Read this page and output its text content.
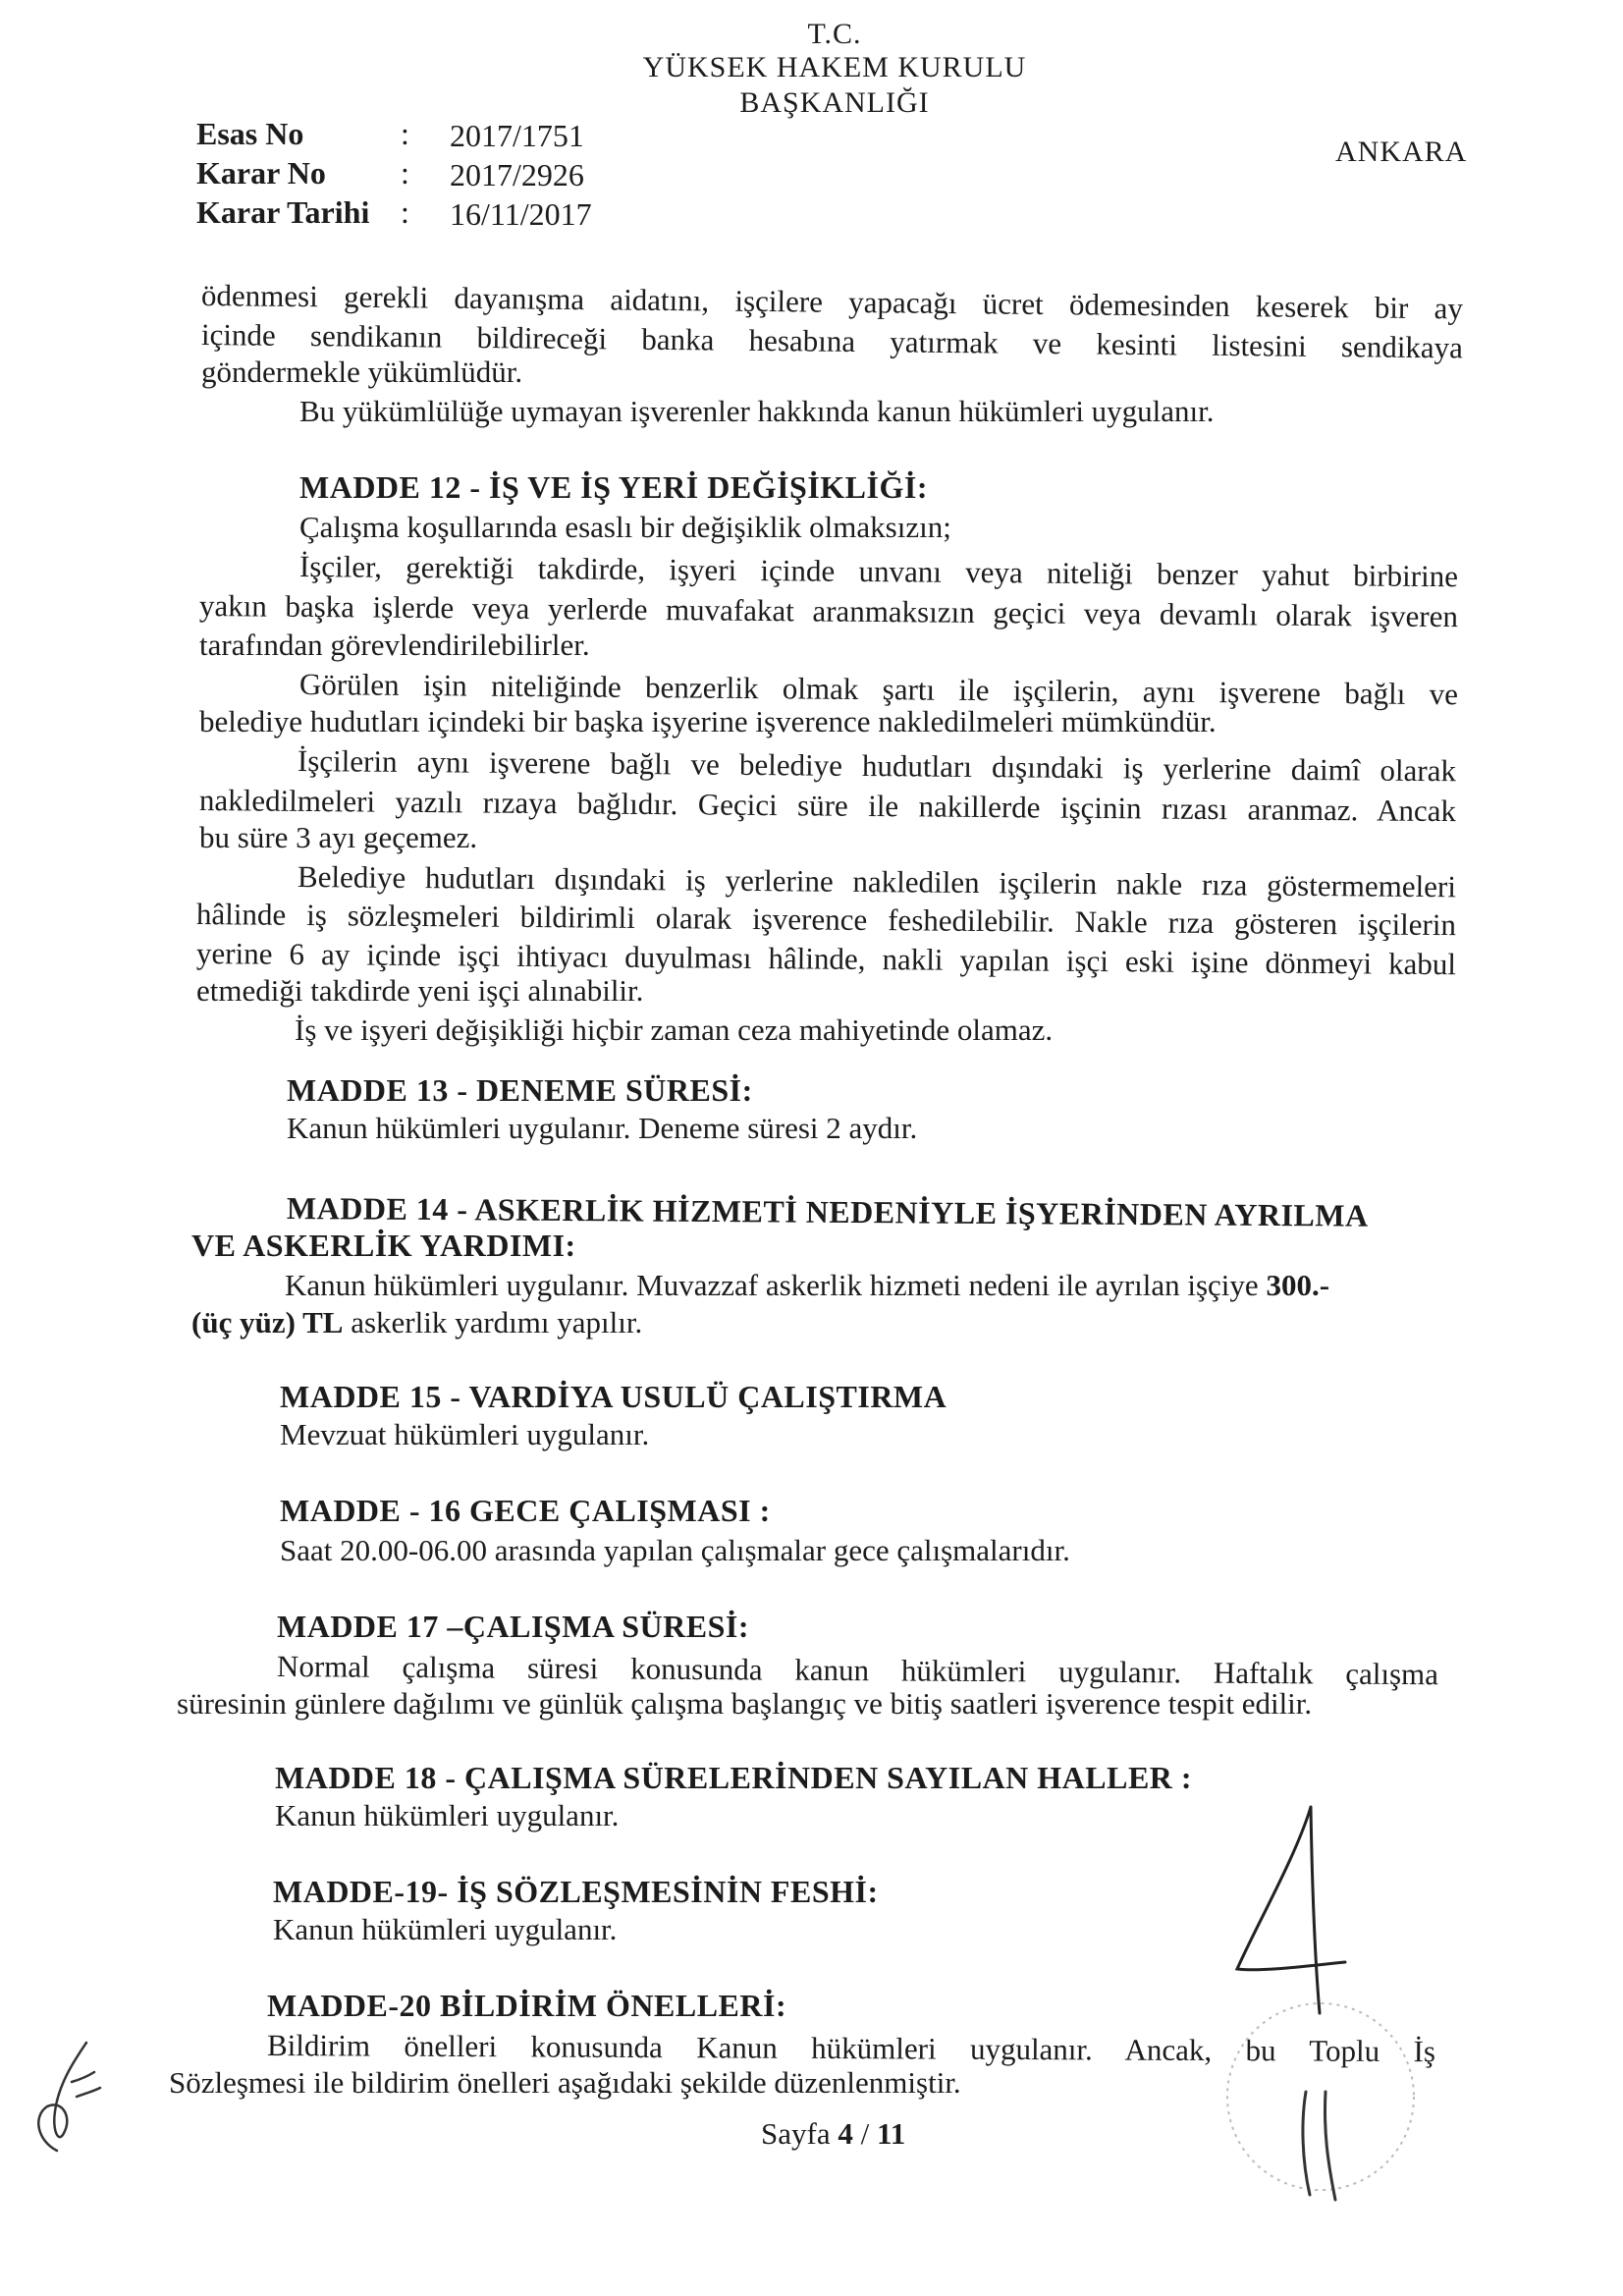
T.C.
YÜKSEK HAKEM KURULU
BAŞKANLIĞI
ANKARA
Esas No	: 2017/1751
Karar No : 2017/2926
Karar Tarihi : 16/11/2017
ödenmesi gerekli dayanışma aidatını, işçilere yapacağı ücret ödemesinden keserek bir ay
içinde sendikanın bildireceği banka hesabına yatırmak ve kesinti listesini sendikaya
göndermekle yükümlüdür.
Bu yükümlülüğe uymayan işverenler hakkında kanun hükümleri uygulanır.
MADDE 12 - İŞ VE İŞ YERİ DEĞİŞİKLİĞİ:
Çalışma koşullarında esaslı bir değişiklik olmaksızın;
İşçiler, gerektiği takdirde, işyeri içinde unvanı veya niteliği benzer yahut birbirine
yakın başka işlerde veya yerlerde muvafakat aranmaksızın geçici veya devamlı olarak işveren
tarafından görevlendirilebilirler.
Görülen işin niteliğinde benzerlik olmak şartı ile işçilerin, aynı işverene bağlı ve
belediye hudutları içindeki bir başka işyerine işverence nakledilmeleri mümkündür.
İşçilerin aynı işverene bağlı ve belediye hudutları dışındaki iş yerlerine daimî olarak
nakledilmeleri yazılı rızaya bağlıdır. Geçici süre ile nakillerde işçinin rızası aranmaz. Ancak
bu süre 3 ayı geçemez.
Belediye hudutları dışındaki iş yerlerine nakledilen işçilerin nakle rıza göstermemeleri
hâlinde iş sözleşmeleri bildirimli olarak işverence feshedilebilir. Nakle rıza gösteren işçilerin
yerine 6 ay içinde işçi ihtiyacı duyulması hâlinde, nakli yapılan işçi eski işine dönmeyi kabul
etmediği takdirde yeni işçi alınabilir.
İş ve işyeri değişikliği hiçbir zaman ceza mahiyetinde olamaz.
MADDE 13 - DENEME SÜRESİ:
Kanun hükümleri uygulanır. Deneme süresi 2 aydır.
MADDE 14 - ASKERLİK HİZMETİ NEDENİYLE İŞYERİNDEN AYRILMA
VE ASKERLİK YARDIMI:
Kanun hükümleri uygulanır. Muvazzaf askerlik hizmeti nedeni ile ayrılan işçiye 300.-
(üç yüz) TL askerlik yardımı yapılır.
MADDE 15 - VARDİYA USULÜ ÇALIŞTIRMA
Mevzuat hükümleri uygulanır.
MADDE - 16 GECE ÇALIŞMASI :
Saat 20.00-06.00 arasında yapılan çalışmalar gece çalışmalarıdır.
MADDE 17 –ÇALIŞMA SÜRESİ:
Normal çalışma süresi konusunda kanun hükümleri uygulanır. Haftalık çalışma
süresinin günlere dağılımı ve günlük çalışma başlangıç ve bitiş saatleri işverence tespit edilir.
MADDE 18 - ÇALIŞMA SÜRELERİNDEN SAYILAN HALLER :
Kanun hükümleri uygulanır.
MADDE-19- İŞ SÖZLEŞMESİNİN FESHİ:
Kanun hükümleri uygulanır.
MADDE-20 BİLDİRİM ÖNELLERİ:
Bildirim önelleri konusunda Kanun hükümleri uygulanır. Ancak, bu Toplu İş
Sözleşmesi ile bildirim önelleri aşağıdaki şekilde düzenlenmiştir.
Sayfa 4 / 11
